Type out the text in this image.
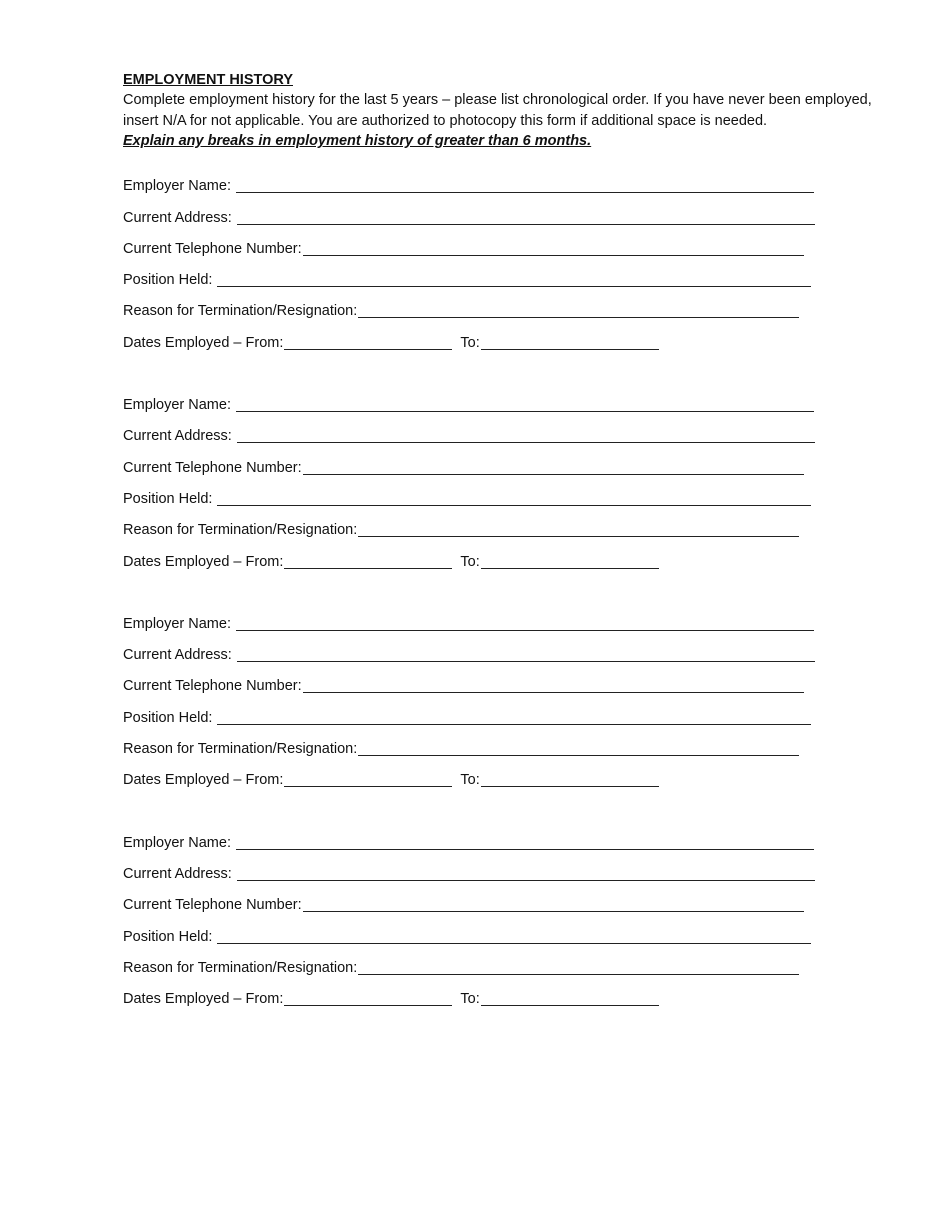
EMPLOYMENT HISTORY

Complete employment history for the last 5 years – please list chronological order. If you have never been employed, insert N/A for not applicable. You are authorized to photocopy this form if additional space is needed.

Explain any breaks in employment history of greater than 6 months.

Employer Name:
Current Address:
Current Telephone Number:
Position Held:
Reason for Termination/Resignation:
Dates Employed – From:	To:
Employer Name:
Current Address:
Current Telephone Number:
Position Held:
Reason for Termination/Resignation:
Dates Employed – From:	To:
Employer Name:
Current Address:
Current Telephone Number:
Position Held:
Reason for Termination/Resignation:
Dates Employed – From:	To:
Employer Name:
Current Address:
Current Telephone Number:
Position Held:
Reason for Termination/Resignation:
Dates Employed – From:	To:
